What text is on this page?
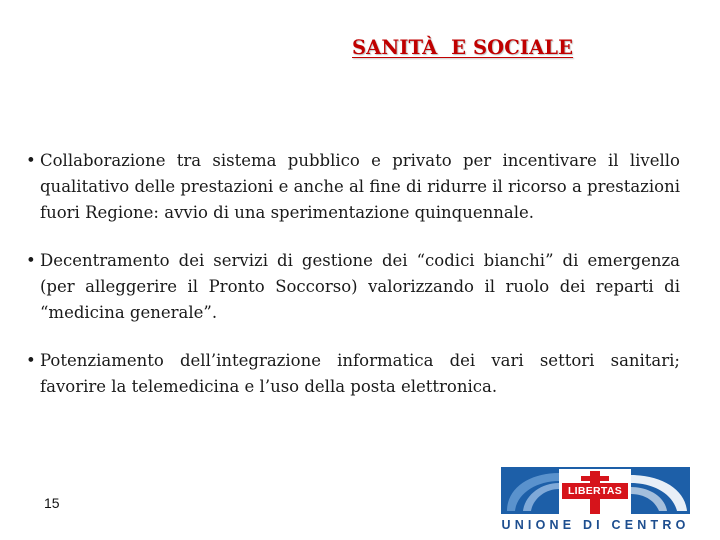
SANITÀ  E SOCIALE
• Collaborazione tra sistema pubblico e privato per incentivare il livello qualitativo delle prestazioni e anche al fine di ridurre il ricorso a prestazioni fuori Regione: avvio di una sperimentazione quinquennale.
• Decentramento dei servizi di gestione dei “codici bianchi” di emergenza (per alleggerire il Pronto Soccorso) valorizzando il ruolo dei reparti di “medicina generale”.
• Potenziamento dell’integrazione informatica dei vari settori sanitari; favorire la telemedicina e l’uso della posta elettronica.
15
LIBERTAS
UNIONE DI CENTRO
